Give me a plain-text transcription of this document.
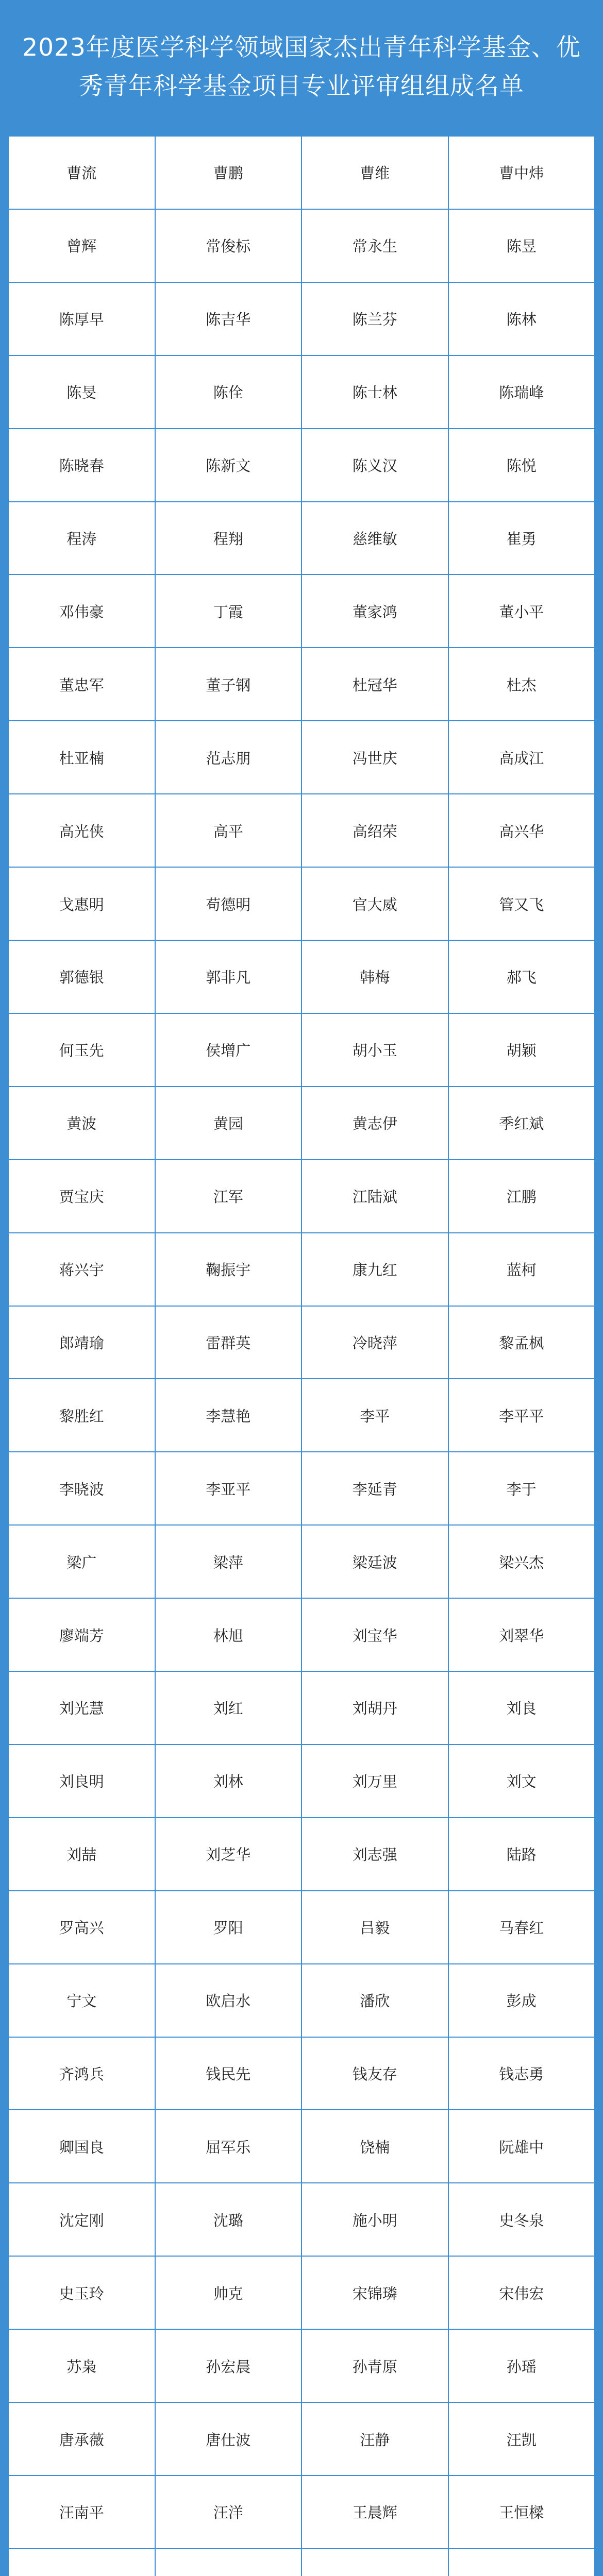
2023年度医学科学领域国家杰出青年科学基金、优秀青年科学基金项目专业评审组组成名单
曹流	曹鹏	曹维	曹中炜
曾辉	常俊标	常永生	陈昱
陈厚早	陈吉华	陈兰芬	陈林
陈旻	陈佺	陈士林	陈瑞峰
陈晓春	陈新文	陈义汉	陈悦
程涛	程翔	慈维敏	崔勇
邓伟豪	丁霞	董家鸿	董小平
董忠军	董子钢	杜冠华	杜杰
杜亚楠	范志朋	冯世庆	高成江
高光侠	高平	高绍荣	高兴华
戈惠明	苟德明	官大威	管又飞
郭德银	郭非凡	韩梅	郝飞
何玉先	侯增广	胡小玉	胡颖
黄波	黄园	黄志伊	季红斌
贾宝庆	江军	江陆斌	江鹏
蒋兴宇	鞠振宇	康九红	蓝柯
郎靖瑜	雷群英	冷晓萍	黎孟枫
黎胜红	李慧艳	李平	李平平
李晓波	李亚平	李延青	李于
梁广	梁萍	梁廷波	梁兴杰
廖端芳	林旭	刘宝华	刘翠华
刘光慧	刘红	刘胡丹	刘良
刘良明	刘林	刘万里	刘文
刘喆	刘芝华	刘志强	陆路
罗高兴	罗阳	吕毅	马春红
宁文	欧启水	潘欣	彭成
齐鸿兵	钱民先	钱友存	钱志勇
卿国良	屈军乐	饶楠	阮雄中
沈定刚	沈璐	施小明	史冬泉
史玉玲	帅克	宋锦璘	宋伟宏
苏枭	孙宏晨	孙青原	孙瑶
唐承薇	唐仕波	汪静	汪凯
汪南平	汪洋	王晨辉	王恒樑
